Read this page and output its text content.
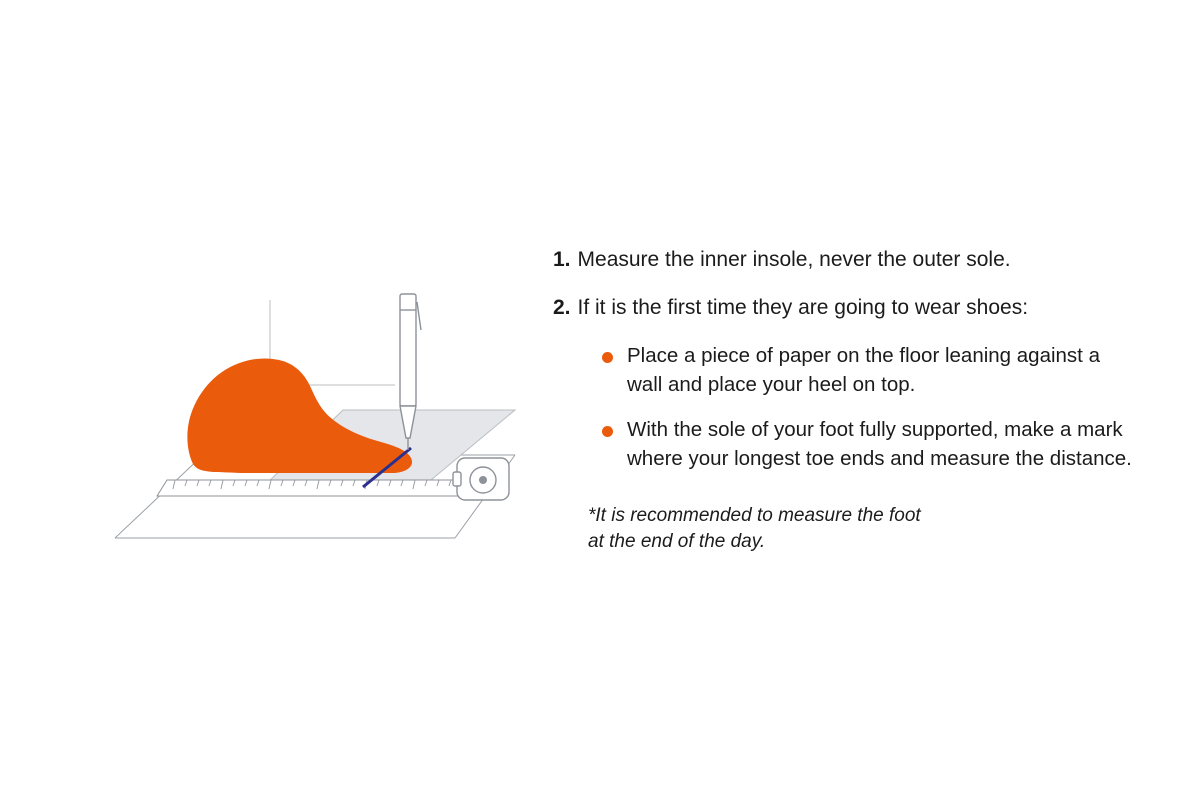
1. Measure the inner insole, never the outer sole.
2. If it is the first time they are going to wear shoes:
Place a piece of paper on the floor leaning against a wall and place your heel on top.
With the sole of your foot fully supported, make a mark where your longest toe ends and measure the distance.
*It is recommended to measure the foot
at the end of the day.
